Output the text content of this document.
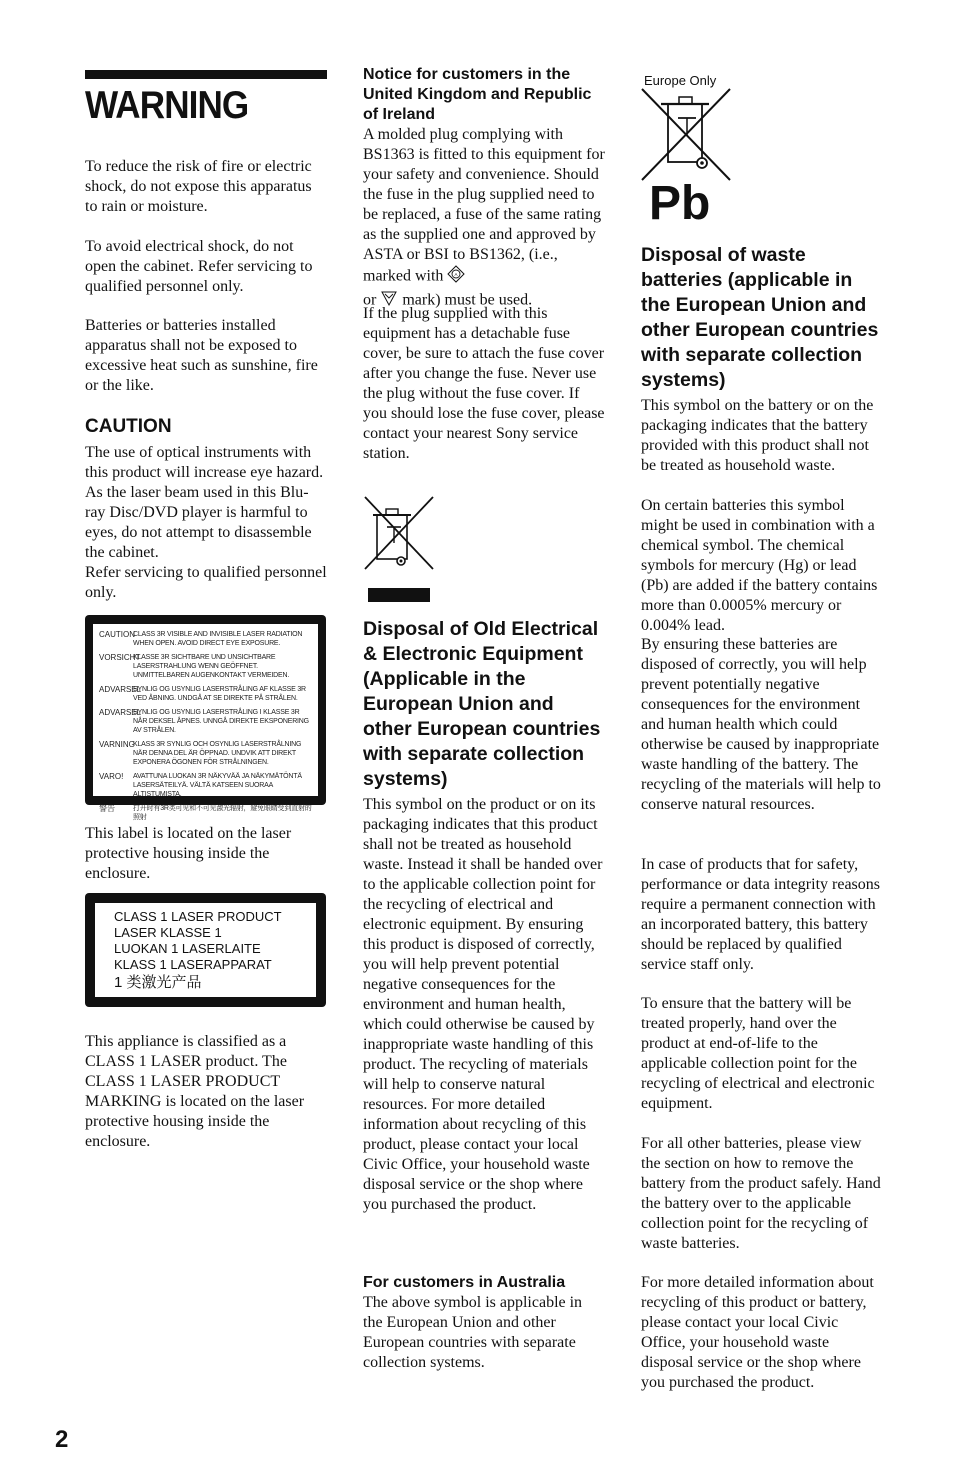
WARNING

To reduce the risk of fire or electric shock, do not expose this apparatus to rain or moisture.

To avoid electrical shock, do not open the cabinet. Refer servicing to qualified personnel only.

Batteries or batteries installed apparatus shall not be exposed to excessive heat such as sunshine, fire or the like.

CAUTION

The use of optical instruments with this product will increase eye hazard. As the laser beam used in this Blu-ray Disc/DVD player is harmful to eyes, do not attempt to disassemble the cabinet.

Refer servicing to qualified personnel only.

CAUTION
CLASS 3R VISIBLE AND INVISIBLE LASER RADIATION WHEN OPEN. AVOID DIRECT EYE EXPOSURE.
VORSICHT
KLASSE 3R SICHTBARE UND UNSICHTBARE LASERSTRAHLUNG WENN GEÖFFNET. UNMITTELBAREN AUGENKONTAKT VERMEIDEN.
ADVARSEL
SYNLIG OG USYNLIG LASERSTRÅLING AF KLASSE 3R VED ÅBNING. UNDGÅ AT SE DIREKTE PÅ STRÅLEN.
ADVARSEL
SYNLIG OG USYNLIG LASERSTRÅLING I KLASSE 3R NÅR DEKSEL ÅPNES. UNNGÅ DIREKTE EKSPONERING AV STRÅLEN.
VARNING
KLASS 3R SYNLIG OCH OSYNLIG LASERSTRÅLNING NÄR DENNA DEL ÄR ÖPPNAD. UNDVIK ATT DIREKT EXPONERA ÖGONEN FÖR STRÅLNINGEN.
VARO!	AVATTUNA LUOKAN 3R NÄKYVÄÄ JA NÄKYMÄTÖNTÄ LASERSÄTEILYÄ. VÄLTÄ KATSEEN SUORAA ALTISTUMISTA.
警告	打开时有3R类可见和不可见激光辐射，避免眼睛受到直射的照射

This label is located on the laser protective housing inside the enclosure.

CLASS 1 LASER PRODUCT

LASER KLASSE 1

LUOKAN 1 LASERLAITE

KLASS 1 LASERAPPARAT

1 类激光产品

This appliance is classified as a CLASS 1 LASER product. The CLASS 1 LASER PRODUCT MARKING is located on the laser protective housing inside the enclosure.

Notice for customers in the United Kingdom and Republic of Ireland

A molded plug complying with BS1363 is fitted to this equipment for your safety and convenience. Should the fuse in the plug supplied need to be replaced, a fuse of the same rating as the supplied one and approved by ASTA or BSI to BS1362, (i.e., marked with	A

or mark) must be used.

If the plug supplied with this equipment has a detachable fuse cover, be sure to attach the fuse cover after you change the fuse. Never use the plug without the fuse cover. If you should lose the fuse cover, please contact your nearest Sony service station.

Disposal of Old Electrical & Electronic Equipment (Applicable in the European Union and other European countries with separate collection systems)

This symbol on the product or on its packaging indicates that this product shall not be treated as household waste. Instead it shall be handed over to the applicable collection point for the recycling of electrical and electronic equipment. By ensuring this product is disposed of correctly, you will help prevent potential negative consequences for the environment and human health, which could otherwise be caused by inappropriate waste handling of this product. The recycling of materials will help to conserve natural resources. For more detailed information about recycling of this product, please contact your local Civic Office, your household waste disposal service or the shop where you purchased the product.

For customers in Australia

The above symbol is applicable in the European Union and other European countries with separate collection systems.

Europe Only

Pb

Disposal of waste batteries (applicable in the European Union and other European countries with separate collection systems)

This symbol on the battery or on the packaging indicates that the battery provided with this product shall not be treated as household waste.

On certain batteries this symbol might be used in combination with a chemical symbol. The chemical symbols for mercury (Hg) or lead (Pb) are added if the battery contains more than 0.0005% mercury or 0.004% lead.

By ensuring these batteries are disposed of correctly, you will help prevent potentially negative consequences for the environment and human health which could otherwise be caused by inappropriate waste handling of the battery. The recycling of the materials will help to conserve natural resources.

In case of products that for safety, performance or data integrity reasons require a permanent connection with an incorporated battery, this battery should be replaced by qualified service staff only.

To ensure that the battery will be treated properly, hand over the product at end-of-life to the applicable collection point for the recycling of electrical and electronic equipment.

For all other batteries, please view the section on how to remove the battery from the product safely. Hand the battery over to the applicable collection point for the recycling of waste batteries.

For more detailed information about recycling of this product or battery, please contact your local Civic Office, your household waste disposal service or the shop where you purchased the product.

2
